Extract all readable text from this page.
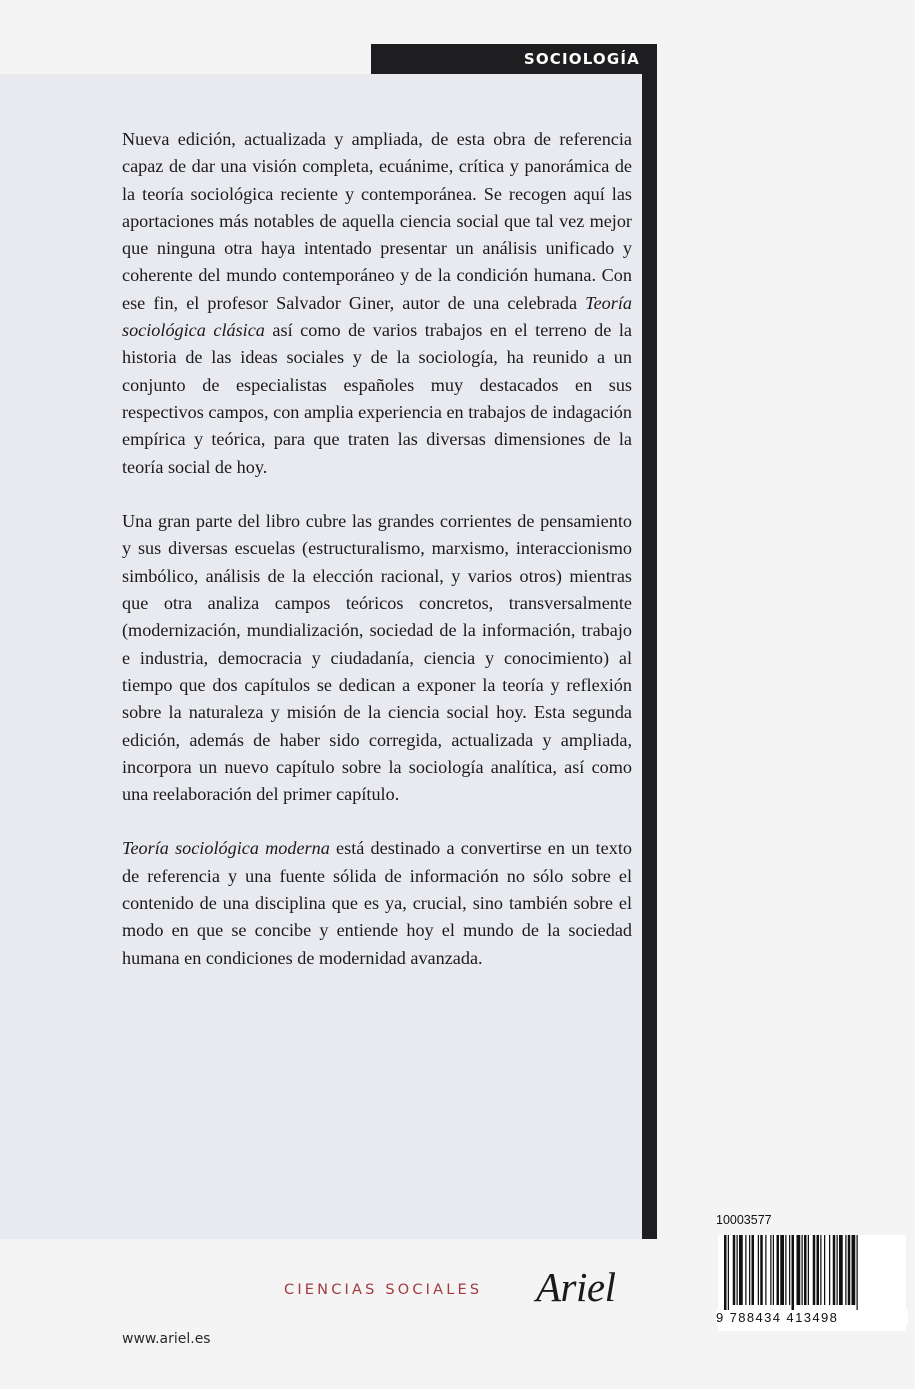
SOCIOLOGÍA

Nueva edición, actualizada y ampliada, de esta obra de referencia capaz de dar una visión completa, ecuánime, crítica y panorámica de la teoría sociológica reciente y contemporánea. Se recogen aquí las aportaciones más notables de aquella ciencia social que tal vez mejor que ninguna otra haya intentado presentar un análisis unificado y coherente del mundo contemporáneo y de la condición humana. Con ese fin, el profesor Salvador Giner, autor de una celebrada Teoría sociológica clásica así como de varios trabajos en el terreno de la historia de las ideas sociales y de la sociología, ha reunido a un conjunto de especialistas españoles muy destacados en sus respectivos campos, con amplia experiencia en trabajos de indagación empírica y teórica, para que traten las diversas dimensiones de la teoría social de hoy.

Una gran parte del libro cubre las grandes corrientes de pensamiento y sus diversas escuelas (estructuralismo, marxismo, interaccionismo simbólico, análisis de la elección racional, y varios otros) mientras que otra analiza campos teóricos concretos, transversalmente (modernización, mundialización, sociedad de la información, trabajo e industria, democracia y ciudadanía, ciencia y conocimiento) al tiempo que dos capítulos se dedican a exponer la teoría y reflexión sobre la naturaleza y misión de la ciencia social hoy. Esta segunda edición, además de haber sido corregida, actualizada y ampliada, incorpora un nuevo capítulo sobre la sociología analítica, así como una reelaboración del primer capítulo.

Teoría sociológica moderna está destinado a convertirse en un texto de referencia y una fuente sólida de información no sólo sobre el contenido de una disciplina que es ya, crucial, sino también sobre el modo en que se concibe y entiende hoy el mundo de la sociedad humana en condiciones de modernidad avanzada.

CIENCIAS SOCIALES Ariel
www.ariel.es
10003577
9 788434 413498
